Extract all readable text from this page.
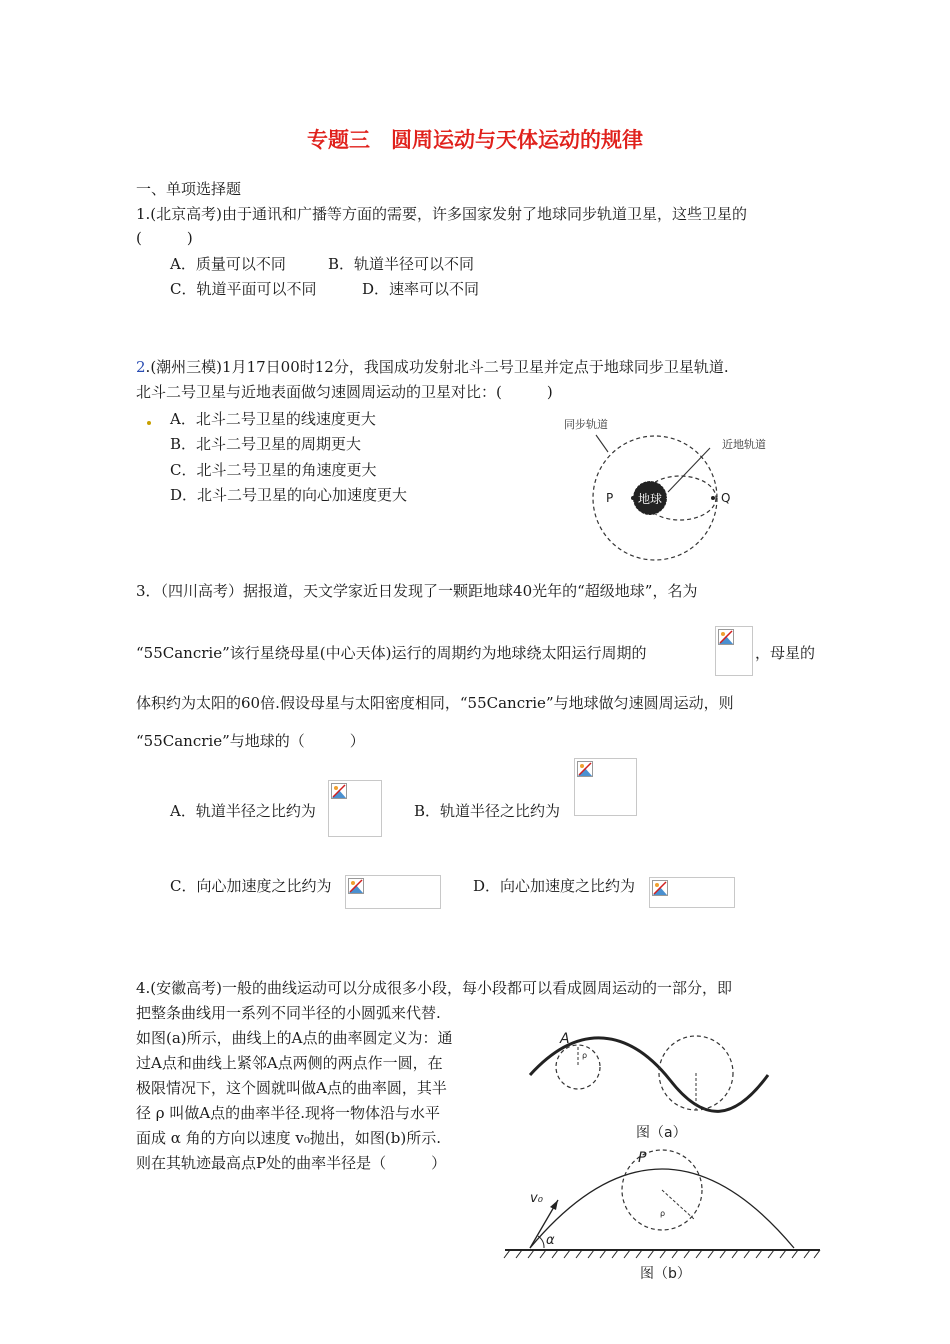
专题三　圆周运动与天体运动的规律
一、单项选择题
1.(北京高考)由于通讯和广播等方面的需要，许多国家发射了地球同步轨道卫星，这些卫星的
(　　　)
A．质量可以不同	B．轨道半径可以不同
C．轨道平面可以不同	D．速率可以不同
2.(潮州三模)1月17日00时12分，我国成功发射北斗二号卫星并定点于地球同步卫星轨道.
北斗二号卫星与近地表面做匀速圆周运动的卫星对比：(　　　)
A．北斗二号卫星的线速度更大
B．北斗二号卫星的周期更大
C．北斗二号卫星的角速度更大
D．北斗二号卫星的向心加速度更大	地球
同步轨道
近地轨道
P	Q
3．（四川高考）据报道，天文学家近日发现了一颗距地球40光年的“超级地球”，名为
“55Cancrie”该行星绕母星(中心天体)运行的周期约为地球绕太阳运行周期的	，母星的
体积约为太阳的60倍.假设母星与太阳密度相同，“55Cancrie”与地球做匀速圆周运动，则
“55Cancrie”与地球的（　　　）
A．轨道半径之比约为	B．轨道半径之比约为
C．向心加速度之比约为	D．向心加速度之比约为
4.(安徽高考)一般的曲线运动可以分成很多小段，每小段都可以看成圆周运动的一部分，即
把整条曲线用一系列不同半径的小圆弧来代替.
如图(a)所示，曲线上的A点的曲率圆定义为：通
过A点和曲线上紧邻A点两侧的两点作一圆，在
极限情况下，这个圆就叫做A点的曲率圆，其半
径 ρ 叫做A点的曲率半径.现将一物体沿与水平
面成 α 角的方向以速度 v₀抛出，如图(b)所示.
则在其轨迹最高点P处的曲率半径是（　　　）
A
ρ
图（a）
P
v₀
α
ρ
图（b）
